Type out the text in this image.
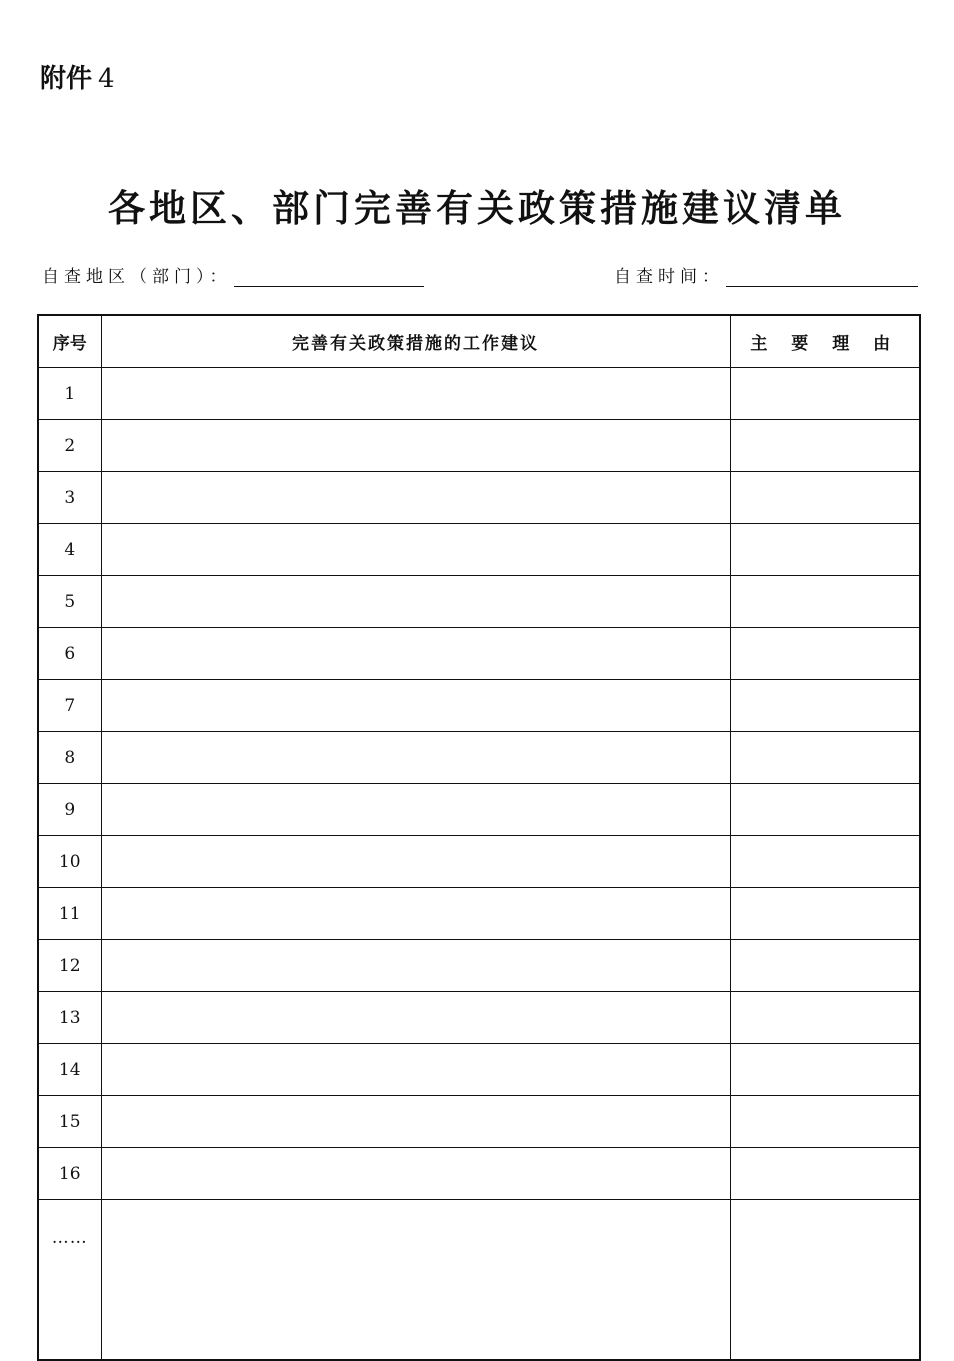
附件 4
各地区、部门完善有关政策措施建议清单
自查地区（部门）：	自查时间：
序号	完善有关政策措施的工作建议	主 要 理 由
1		
2		
3		
4		
5		
6		
7		
8		
9		
10		
11		
12		
13		
14		
15		
16		
……		
